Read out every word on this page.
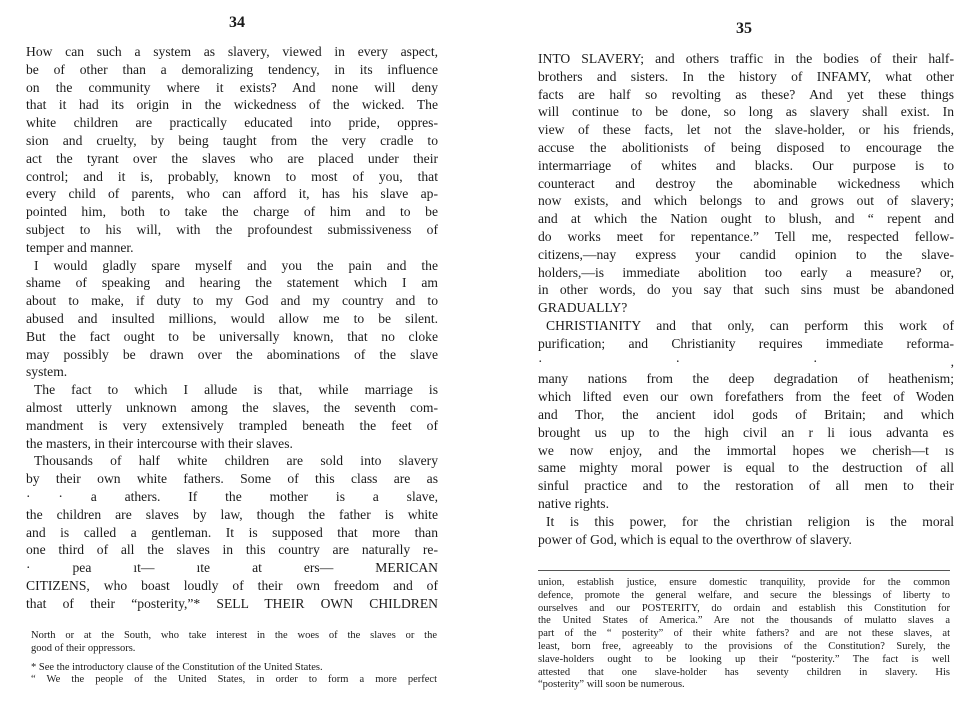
34
How can such a system as slavery, viewed in every aspect,
be of other than a demoralizing tendency, in its influence
on the community where it exists? And none will deny
that it had its origin in the wickedness of the wicked. The
white children are practically educated into pride, oppres-
sion and cruelty, by being taught from the very cradle to
act the tyrant over the slaves who are placed under their
control; and it is, probably, known to most of you, that
every child of parents, who can afford it, has his slave ap-
pointed him, both to take the charge of him and to be
subject to his will, with the profoundest submissiveness of
temper and manner.
I would gladly spare myself and you the pain and the
shame of speaking and hearing the statement which I am
about to make, if duty to my God and my country and to
abused and insulted millions, would allow me to be silent.
But the fact ought to be universally known, that no cloke
may possibly be drawn over the abominations of the slave
system.
The fact to which I allude is that, while marriage is
almost utterly unknown among the slaves, the seventh com-
mandment is very extensively trampled beneath the feet of
the masters, in their intercourse with their slaves.
Thousands of half white children are sold into slavery
by their own white fathers. Some of this class are as
· · a athers. If the mother is a slave,
the children are slaves by law, though the father is white
and is called a gentleman. It is supposed that more than
one third of all the slaves in this country are naturally re-
· pea ıt— ıte at ers— MERICAN
CITIZENS, who boast loudly of their own freedom and of
that of their “posterity,”* SELL THEIR OWN CHILDREN
North or at the South, who take interest in the woes of the slaves or the
good of their oppressors.
* See the introductory clause of the Constitution of the United States.
“ We the people of the United States, in order to form a more perfect
35
INTO SLAVERY; and others traffic in the bodies of their half-
brothers and sisters. In the history of INFAMY, what other
facts are half so revolting as these? And yet these things
will continue to be done, so long as slavery shall exist. In
view of these facts, let not the slave-holder, or his friends,
accuse the abolitionists of being disposed to encourage the
intermarriage of whites and blacks. Our purpose is to
counteract and destroy the abominable wickedness which
now exists, and which belongs to and grows out of slavery;
and at which the Nation ought to blush, and “ repent and
do works meet for repentance.” Tell me, respected fellow-
citizens,—nay express your candid opinion to the slave-
holders,—is immediate abolition too early a measure? or,
in other words, do you say that such sins must be abandoned
GRADUALLY?
CHRISTIANITY and that only, can perform this work of
purification; and Christianity requires immediate reforma-
· · · ,
many nations from the deep degradation of heathenism;
which lifted even our own forefathers from the feet of Woden
and Thor, the ancient idol gods of Britain; and which
brought us up to the high civil an r li ious advanta es
we now enjoy, and the immortal hopes we cherish—t ıs
same mighty moral power is equal to the destruction of all
sinful practice and to the restoration of all men to their
native rights.
It is this power, for the christian religion is the moral
power of God, which is equal to the overthrow of slavery.
union, establish justice, ensure domestic tranquility, provide for the common
defence, promote the general welfare, and secure the blessings of liberty to
ourselves and our POSTERITY, do ordain and establish this Constitution for
the United States of America.” Are not the thousands of mulatto slaves a
part of the “ posterity” of their white fathers? and are not these slaves, at
least, born free, agreeably to the provisions of the Constitution? Surely, the
slave-holders ought to be looking up their “posterity.” The fact is well
attested that one slave-holder has seventy children in slavery. His
“posterity” will soon be numerous.
